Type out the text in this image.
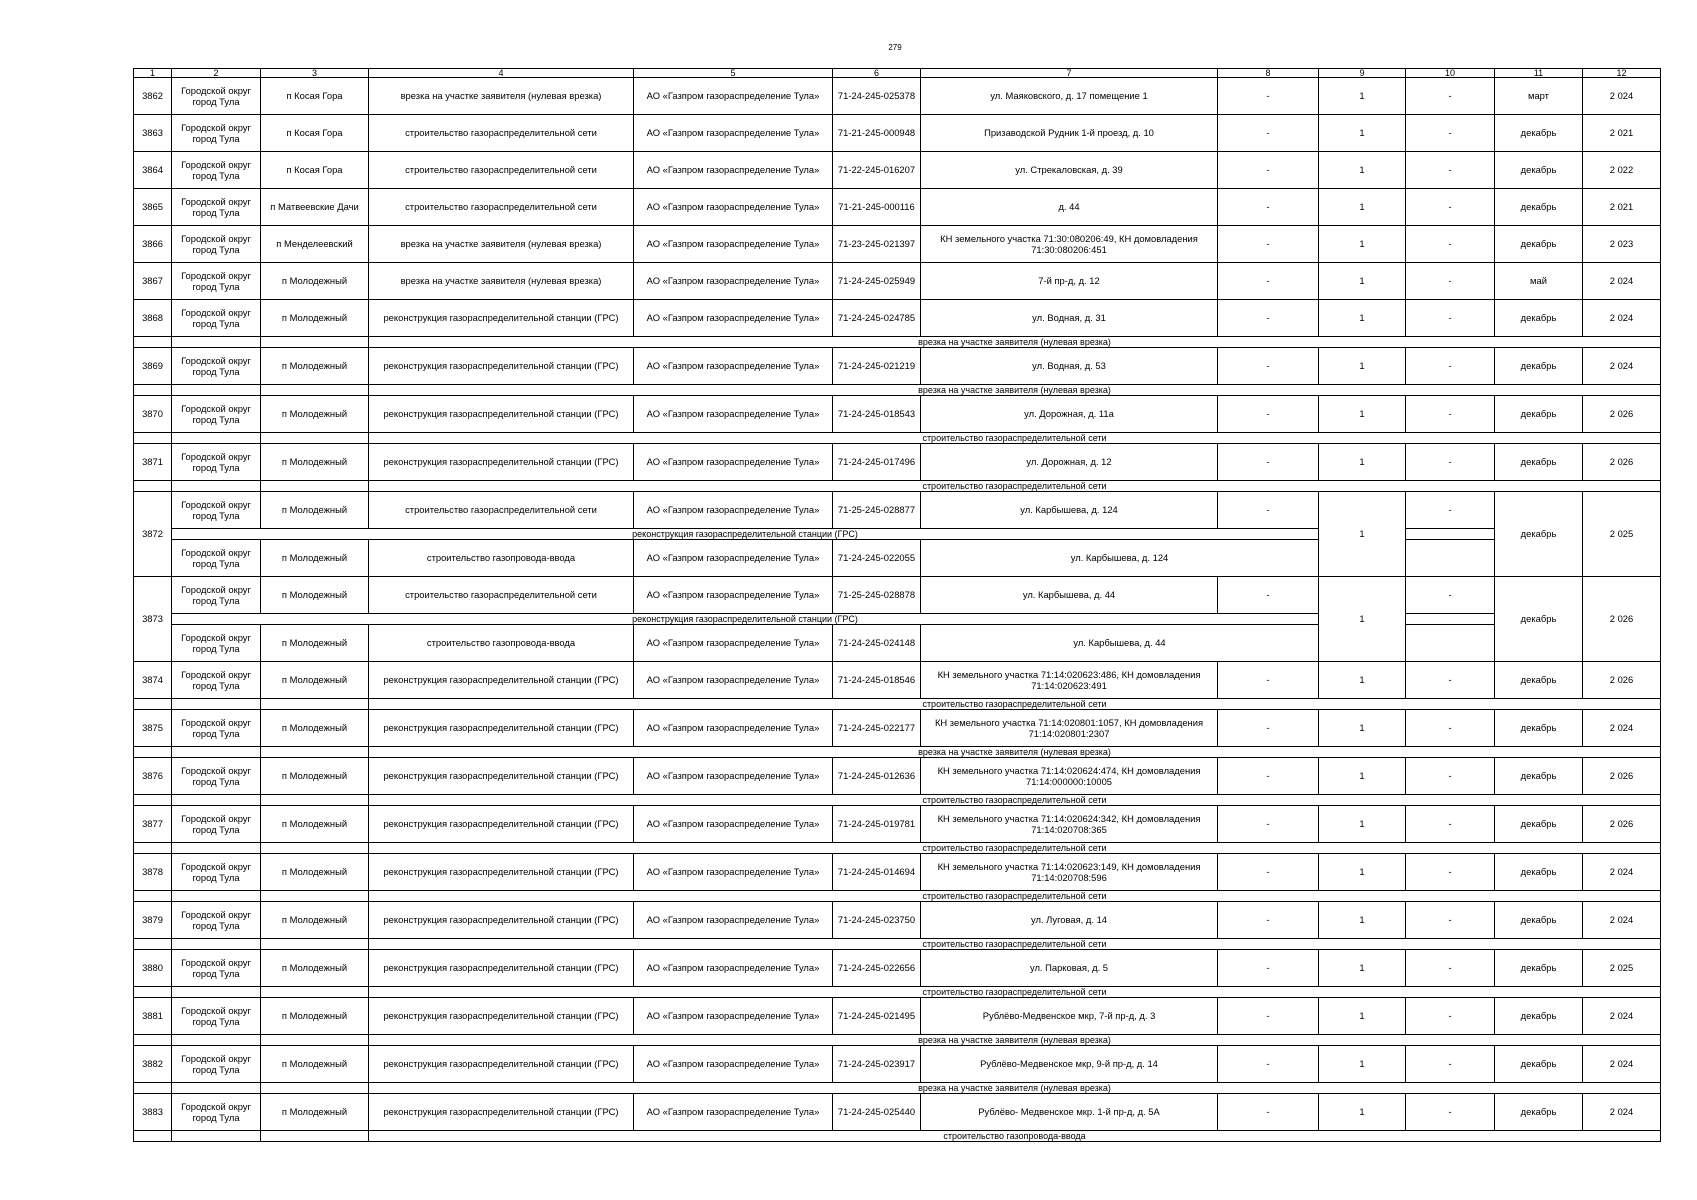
279
1	2	3	4	5	6	7	8	9	10	11	12
3862	Городской округ город Тула	п Косая Гора	врезка на участке заявителя (нулевая врезка)	АО «Газпром газораспределение Тула»	71-24-245-025378	ул. Маяковского, д. 17 помещение 1	-	1	-	март	2 024
3863	Городской округ город Тула	п Косая Гора	строительство газораспределительной сети	АО «Газпром газораспределение Тула»	71-21-245-000948	Призаводской Рудник 1-й проезд, д. 10	-	1	-	декабрь	2 021
3864	Городской округ город Тула	п Косая Гора	строительство газораспределительной сети	АО «Газпром газораспределение Тула»	71-22-245-016207	ул. Стрекаловская, д. 39	-	1	-	декабрь	2 022
3865	Городской округ город Тула	п Матвеевские Дачи	строительство газораспределительной сети	АО «Газпром газораспределение Тула»	71-21-245-000116	д. 44	-	1	-	декабрь	2 021
3866	Городской округ город Тула	п Менделеевский	врезка на участке заявителя (нулевая врезка)	АО «Газпром газораспределение Тула»	71-23-245-021397	КН земельного участка 71:30:080206:49, КН домовладения 71:30:080206:451	-	1	-	декабрь	2 023
3867	Городской округ город Тула	п Молодежный	врезка на участке заявителя (нулевая врезка)	АО «Газпром газораспределение Тула»	71-24-245-025949	7-й пр-д, д. 12	-	1	-	май	2 024
3868	Городской округ город Тула	п Молодежный	реконструкция газораспределительной станции (ГРС)	АО «Газпром газораспределение Тула»	71-24-245-024785	ул. Водная, д. 31	-	1	-	декабрь	2 024
			врезка на участке заявителя (нулевая врезка)								
3869	Городской округ город Тула	п Молодежный	реконструкция газораспределительной станции (ГРС)	АО «Газпром газораспределение Тула»	71-24-245-021219	ул. Водная, д. 53	-	1	-	декабрь	2 024
			врезка на участке заявителя (нулевая врезка)								
3870	Городской округ город Тула	п Молодежный	реконструкция газораспределительной станции (ГРС)	АО «Газпром газораспределение Тула»	71-24-245-018543	ул. Дорожная, д. 11а	-	1	-	декабрь	2 026
			строительство газораспределительной сети								
3871	Городской округ город Тула	п Молодежный	реконструкция газораспределительной станции (ГРС)	АО «Газпром газораспределение Тула»	71-24-245-017496	ул. Дорожная, д. 12	-	1	-	декабрь	2 026
			строительство газораспределительной сети								
3872	Городской округ город Тула	п Молодежный	строительство газораспределительной сети	АО «Газпром газораспределение Тула»	71-25-245-028877	ул. Карбышева, д. 124	-	1	-	декабрь	2 025
	реконструкция газораспределительной станции (ГРС)										
	Городской округ город Тула	п Молодежный	строительство газопровода-ввода	АО «Газпром газораспределение Тула»	71-24-245-022055	ул. Карбышева, д. 124					
3873	Городской округ город Тула	п Молодежный	строительство газораспределительной сети	АО «Газпром газораспределение Тула»	71-25-245-028878	ул. Карбышева, д. 44	-	1	-	декабрь	2 026
	реконструкция газораспределительной станции (ГРС)										
	Городской округ город Тула	п Молодежный	строительство газопровода-ввода	АО «Газпром газораспределение Тула»	71-24-245-024148	ул. Карбышева, д. 44					
3874	Городской округ город Тула	п Молодежный	реконструкция газораспределительной станции (ГРС)	АО «Газпром газораспределение Тула»	71-24-245-018546	КН земельного участка 71:14:020623:486, КН домовладения 71:14:020623:491	-	1	-	декабрь	2 026
			строительство газораспределительной сети								
3875	Городской округ город Тула	п Молодежный	реконструкция газораспределительной станции (ГРС)	АО «Газпром газораспределение Тула»	71-24-245-022177	КН земельного участка 71:14:020801:1057, КН домовладения 71:14:020801:2307	-	1	-	декабрь	2 024
			врезка на участке заявителя (нулевая врезка)								
3876	Городской округ город Тула	п Молодежный	реконструкция газораспределительной станции (ГРС)	АО «Газпром газораспределение Тула»	71-24-245-012636	КН земельного участка 71:14:020624:474, КН домовладения 71:14:000000:10005	-	1	-	декабрь	2 026
			строительство газораспределительной сети								
3877	Городской округ город Тула	п Молодежный	реконструкция газораспределительной станции (ГРС)	АО «Газпром газораспределение Тула»	71-24-245-019781	КН земельного участка 71:14:020624:342, КН домовладения 71:14:020708:365	-	1	-	декабрь	2 026
			строительство газораспределительной сети								
3878	Городской округ город Тула	п Молодежный	реконструкция газораспределительной станции (ГРС)	АО «Газпром газораспределение Тула»	71-24-245-014694	КН земельного участка 71:14:020623:149, КН домовладения 71:14:020708:596	-	1	-	декабрь	2 024
			строительство газораспределительной сети								
3879	Городской округ город Тула	п Молодежный	реконструкция газораспределительной станции (ГРС)	АО «Газпром газораспределение Тула»	71-24-245-023750	ул. Луговая, д. 14	-	1	-	декабрь	2 024
			строительство газораспределительной сети								
3880	Городской округ город Тула	п Молодежный	реконструкция газораспределительной станции (ГРС)	АО «Газпром газораспределение Тула»	71-24-245-022656	ул. Парковая, д. 5	-	1	-	декабрь	2 025
			строительство газораспределительной сети								
3881	Городской округ город Тула	п Молодежный	реконструкция газораспределительной станции (ГРС)	АО «Газпром газораспределение Тула»	71-24-245-021495	Рублёво-Медвенское мкр, 7-й пр-д, д. 3	-	1	-	декабрь	2 024
			врезка на участке заявителя (нулевая врезка)								
3882	Городской округ город Тула	п Молодежный	реконструкция газораспределительной станции (ГРС)	АО «Газпром газораспределение Тула»	71-24-245-023917	Рублёво-Медвенское мкр, 9-й пр-д, д. 14	-	1	-	декабрь	2 024
			врезка на участке заявителя (нулевая врезка)								
3883	Городской округ город Тула	п Молодежный	реконструкция газораспределительной станции (ГРС)	АО «Газпром газораспределение Тула»	71-24-245-025440	Рублёво- Медвенское мкр. 1-й пр-д, д. 5А	-	1	-	декабрь	2 024
			строительство газопровода-ввода								
